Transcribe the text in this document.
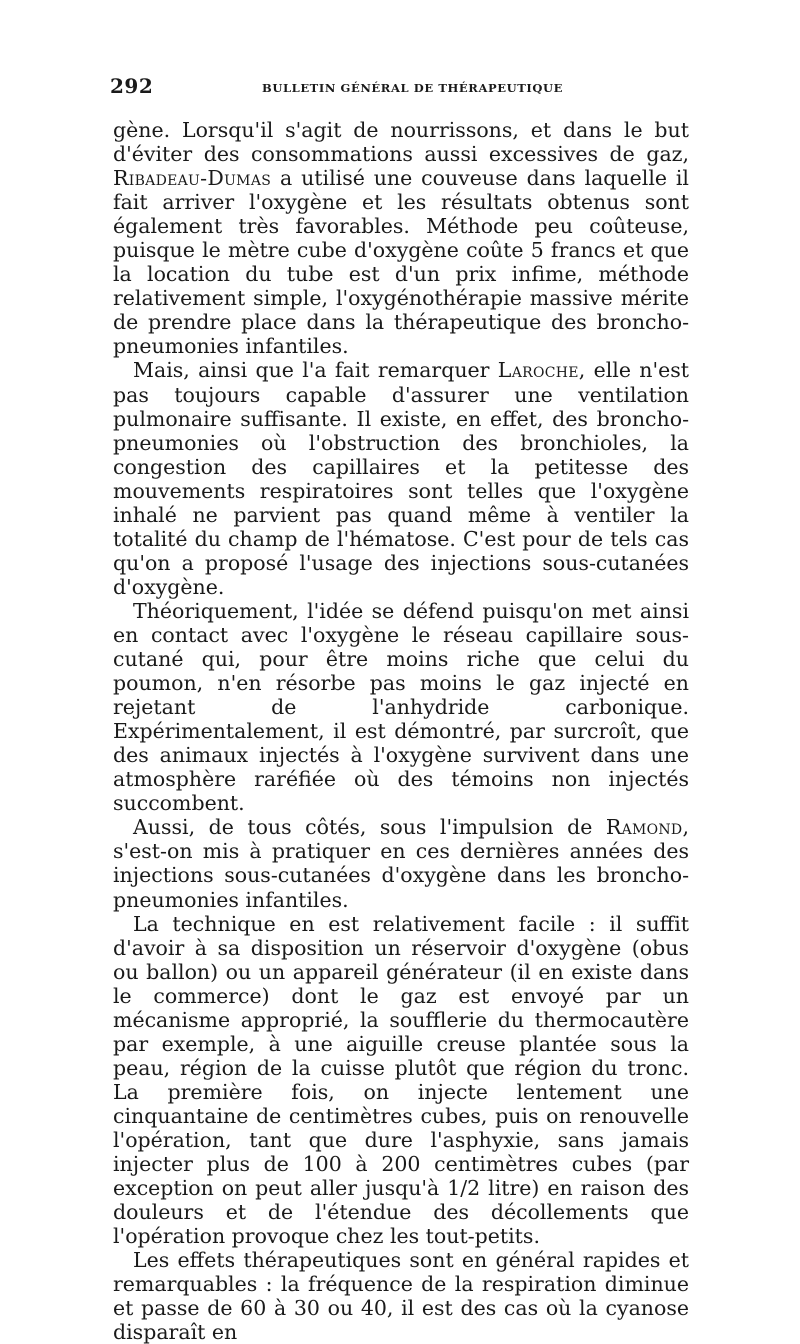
292	BULLETIN GÉNÉRAL DE THÉRAPEUTIQUE

gène. Lorsqu'il s'agit de nourrissons, et dans le but d'éviter des consommations aussi excessives de gaz, Ribadeau-Dumas a utilisé une couveuse dans laquelle il fait arriver l'oxygène et les résultats obtenus sont également très favorables. Méthode peu coûteuse, puisque le mètre cube d'oxygène coûte 5 francs et que la location du tube est d'un prix infime, méthode relativement simple, l'oxygénothérapie massive mérite de prendre place dans la thérapeutique des broncho-pneumonies infantiles.

Mais, ainsi que l'a fait remarquer Laroche, elle n'est pas toujours capable d'assurer une ventilation pulmonaire suffisante. Il existe, en effet, des broncho-pneumonies où l'obstruction des bronchioles, la congestion des capillaires et la petitesse des mouvements respiratoires sont telles que l'oxygène inhalé ne parvient pas quand même à ventiler la totalité du champ de l'hématose. C'est pour de tels cas qu'on a proposé l'usage des injections sous-cutanées d'oxygène.

Théoriquement, l'idée se défend puisqu'on met ainsi en contact avec l'oxygène le réseau capillaire sous-cutané qui, pour être moins riche que celui du poumon, n'en résorbe pas moins le gaz injecté en rejetant de l'anhydride carbonique. Expérimentalement, il est démontré, par surcroît, que des animaux injectés à l'oxygène survivent dans une atmosphère raréfiée où des témoins non injectés succombent.

Aussi, de tous côtés, sous l'impulsion de Ramond, s'est-on mis à pratiquer en ces dernières années des injections sous-cutanées d'oxygène dans les broncho-pneumonies infantiles.

La technique en est relativement facile : il suffit d'avoir à sa disposition un réservoir d'oxygène (obus ou ballon) ou un appareil générateur (il en existe dans le commerce) dont le gaz est envoyé par un mécanisme approprié, la soufflerie du thermocautère par exemple, à une aiguille creuse plantée sous la peau, région de la cuisse plutôt que région du tronc. La première fois, on injecte lentement une cinquantaine de centimètres cubes, puis on renouvelle l'opération, tant que dure l'asphyxie, sans jamais injecter plus de 100 à 200 centimètres cubes (par exception on peut aller jusqu'à 1/2 litre) en raison des douleurs et de l'étendue des décollements que l'opération provoque chez les tout-petits.

Les effets thérapeutiques sont en général rapides et remarquables : la fréquence de la respiration diminue et passe de 60 à 30 ou 40, il est des cas où la cyanose disparaît en
